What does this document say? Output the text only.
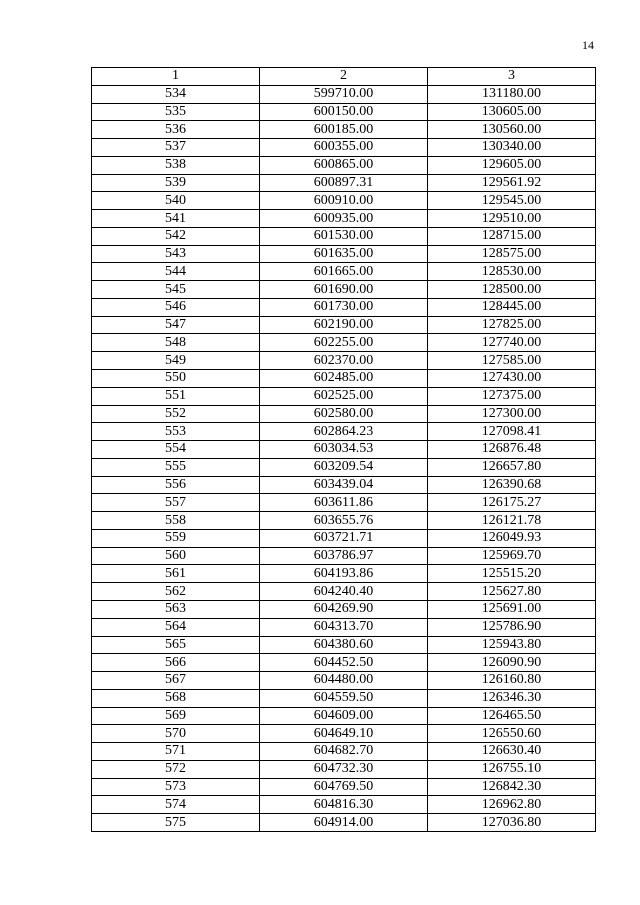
14
1	2	3
534	599710.00	131180.00
535	600150.00	130605.00
536	600185.00	130560.00
537	600355.00	130340.00
538	600865.00	129605.00
539	600897.31	129561.92
540	600910.00	129545.00
541	600935.00	129510.00
542	601530.00	128715.00
543	601635.00	128575.00
544	601665.00	128530.00
545	601690.00	128500.00
546	601730.00	128445.00
547	602190.00	127825.00
548	602255.00	127740.00
549	602370.00	127585.00
550	602485.00	127430.00
551	602525.00	127375.00
552	602580.00	127300.00
553	602864.23	127098.41
554	603034.53	126876.48
555	603209.54	126657.80
556	603439.04	126390.68
557	603611.86	126175.27
558	603655.76	126121.78
559	603721.71	126049.93
560	603786.97	125969.70
561	604193.86	125515.20
562	604240.40	125627.80
563	604269.90	125691.00
564	604313.70	125786.90
565	604380.60	125943.80
566	604452.50	126090.90
567	604480.00	126160.80
568	604559.50	126346.30
569	604609.00	126465.50
570	604649.10	126550.60
571	604682.70	126630.40
572	604732.30	126755.10
573	604769.50	126842.30
574	604816.30	126962.80
575	604914.00	127036.80
